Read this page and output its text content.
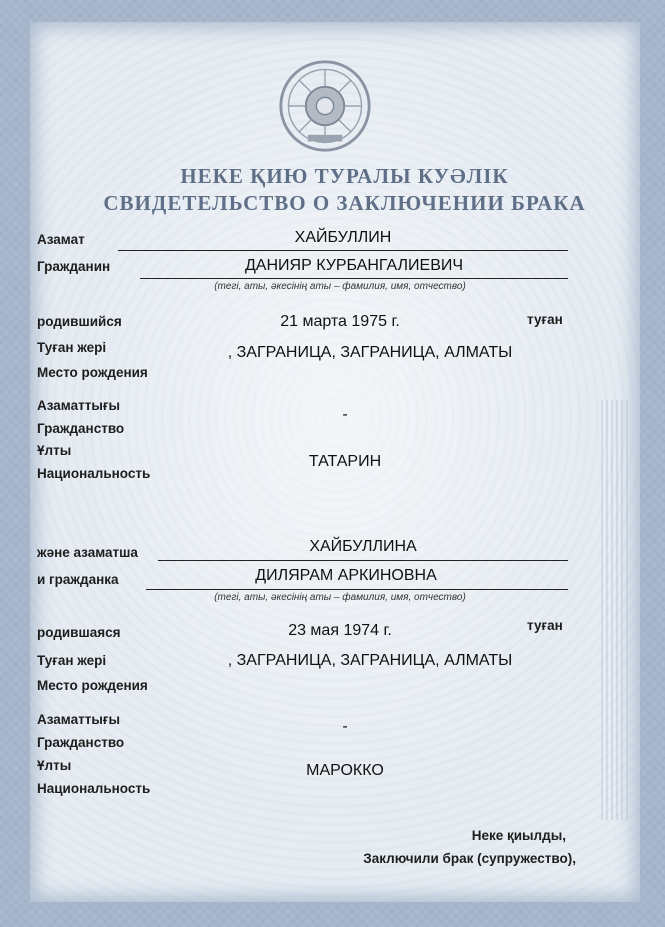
НЕКЕ ҚИЮ ТУРАЛЫ КУӘЛІК
СВИДЕТЕЛЬСТВО О ЗАКЛЮЧЕНИИ БРАКА
Азамат	ХАЙБУЛЛИН
Гражданин	ДАНИЯР КУРБАНГАЛИЕВИЧ
(тегі, аты, әкесінің аты – фамилия, имя, отчество)
родившийся	21 марта 1975 г.	туған
Туған жері
Место рождения
, ЗАГРАНИЦА, ЗАГРАНИЦА, АЛМАТЫ
Азаматтығы
Гражданство
-
Ұлты
Национальность
ТАТАРИН
және азаматша	ХАЙБУЛЛИНА
и гражданка	ДИЛЯРАМ АРКИНОВНА
(тегі, аты, әкесінің аты – фамилия, имя, отчество)
родившаяся	23 мая 1974 г.	туған
Туған жері
Место рождения
, ЗАГРАНИЦА, ЗАГРАНИЦА, АЛМАТЫ
Азаматтығы
Гражданство
-
Ұлты
Национальность
МАРОККО
Неке қиылды,
Заключили брак (супружество),
